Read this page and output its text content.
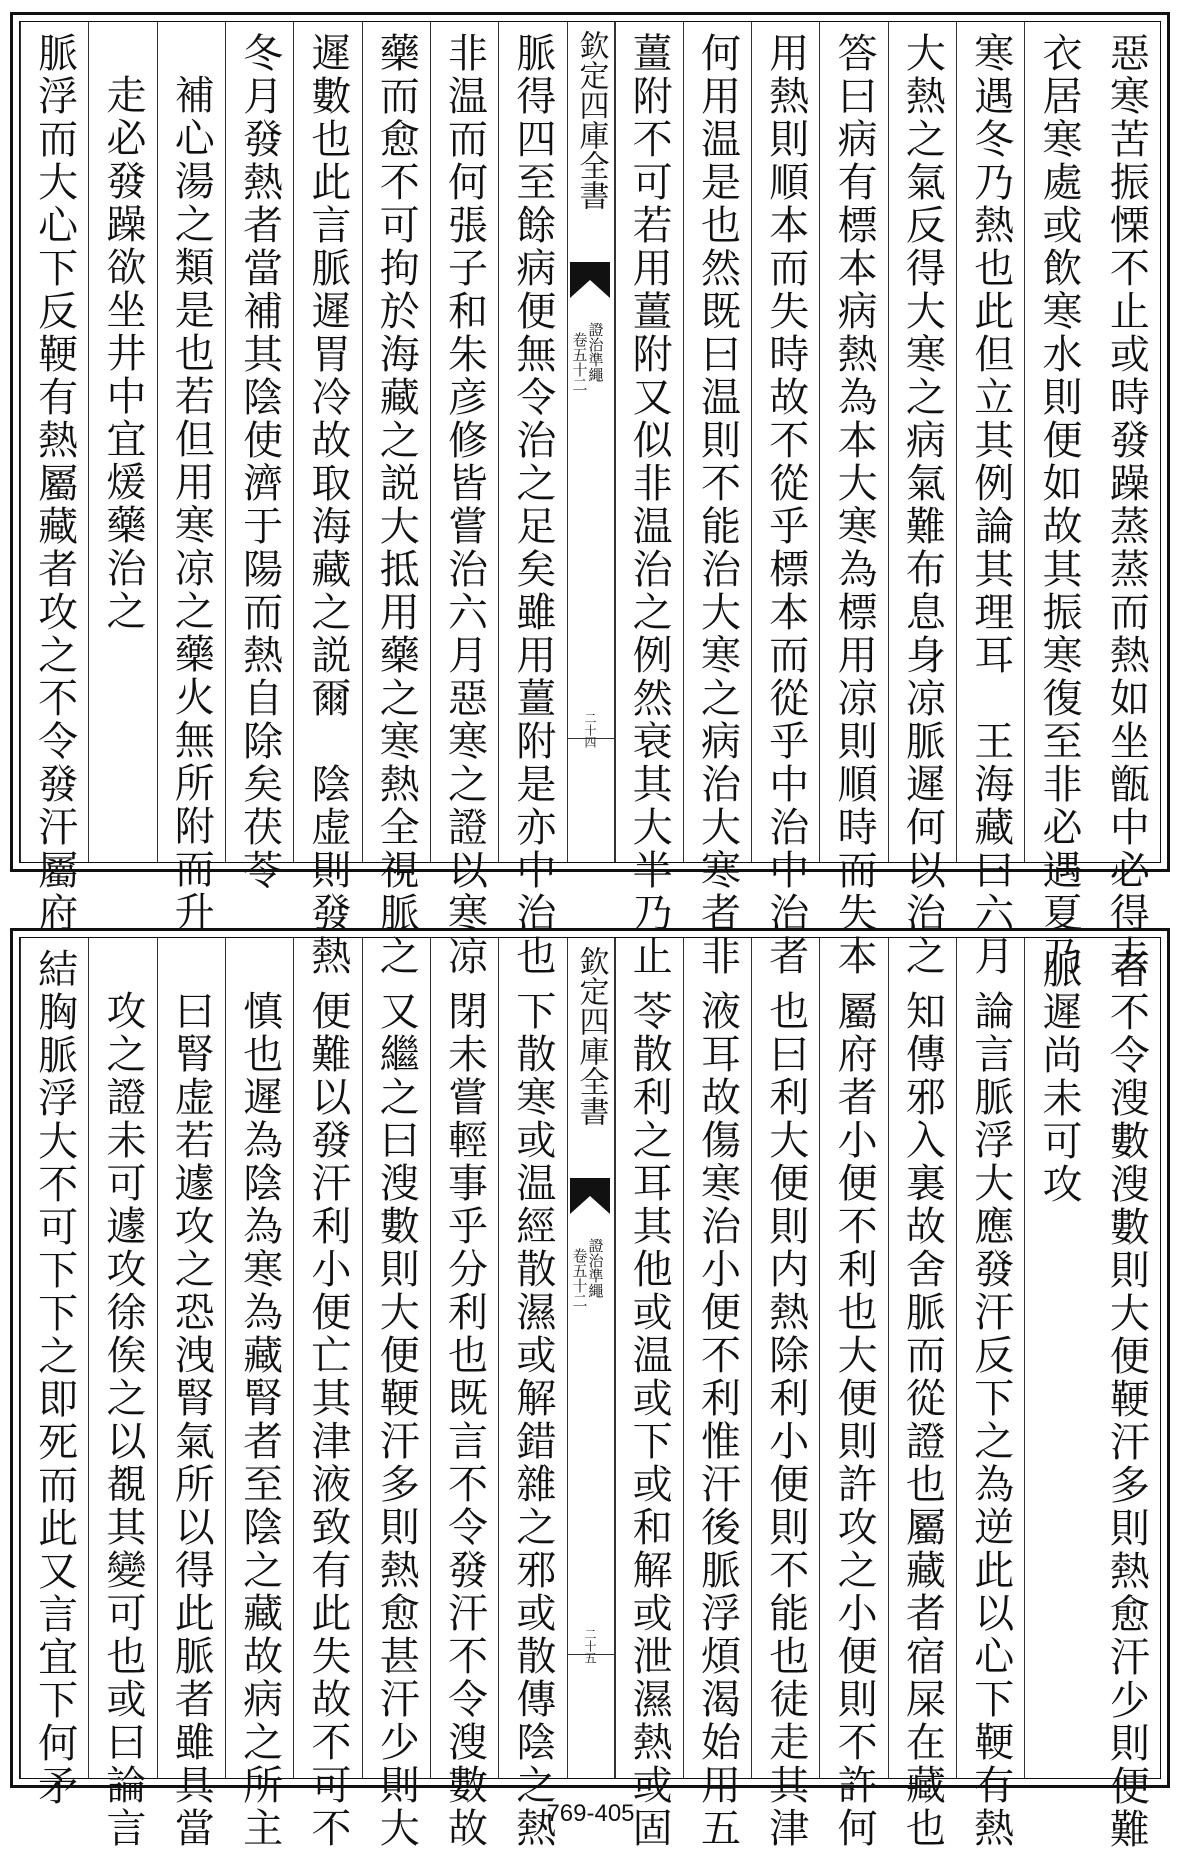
惡寒苦振慄不止或時發躁蒸蒸而熱如坐甑中必得去
衣居寒處或飲寒水則便如故其振寒復至非必遇夏乃
寒遇冬乃熱也此但立其例論其理耳　王海藏曰六月
大熱之氣反得大寒之病氣難布息身凉脈遲何以治之
答曰病有標本病熱為本大寒為標用凉則順時而失本
用熱則順本而失時故不從乎標本而從乎中治中治者
何用温是也然既曰温則不能治大寒之病治大寒者非
薑附不可若用薑附又似非温治之例然衰其大半乃止
欽定四庫全書
證治準繩
卷五十二
二十四
脈得四至餘病便無令治之足矣雖用薑附是亦中治也
非温而何張子和朱彦修皆嘗治六月惡寒之證以寒凉
藥而愈不可拘於海藏之説大抵用藥之寒熱全視脈之
遲數也此言脈遲胃冷故取海藏之説爾　陰虚則發熱
冬月發熱者當補其陰使濟于陽而熱自除矣茯苓
補心湯之類是也若但用寒凉之藥火無所附而升
走必發躁欲坐井中宜煖藥治之
脈浮而大心下反鞕有熱屬藏者攻之不令發汗屬府
者不令溲數溲數則大便鞕汗多則熱愈汗少則便難
脈遲尚未可攻
論言脈浮大應發汗反下之為逆此以心下鞕有熱
知傳邪入裏故舍脈而從證也屬藏者宿屎在藏也
屬府者小便不利也大便則許攻之小便則不許何
也曰利大便則内熱除利小便則不能也徒走其津
液耳故傷寒治小便不利惟汗後脈浮煩渴始用五
苓散利之耳其他或温或下或和解或泄濕熱或固
欽定四庫全書
證治準繩
卷五十二
二十五
下散寒或温經散濕或解錯雜之邪或散傳陰之熱
閉未嘗輕事乎分利也既言不令發汗不令溲數故
又繼之曰溲數則大便鞕汗多則熱愈甚汗少則大
便難以發汗利小便亡其津液致有此失故不可不
慎也遲為陰為寒為藏腎者至陰之藏故病之所主
曰腎虚若遽攻之恐洩腎氣所以得此脈者雖具當
攻之證未可遽攻徐俟之以覩其變可也或曰論言
結胸脈浮大不可下下之即死而此又言宜下何矛
769-405
